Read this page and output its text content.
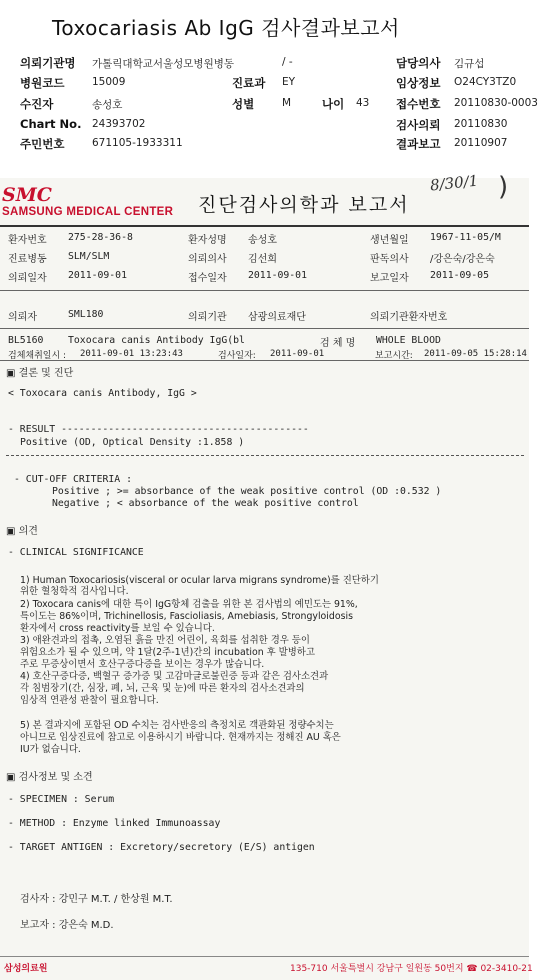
Toxocariasis Ab IgG 검사결과보고서
의뢰기관명 가톨릭대학교서울성모병원병동	/ -	담당의사 김규섭
병원코드	15009	진료과 EY	임상정보 O24CY3TZ0
수진자	송성호	성별	M	나이 43 접수번호 20110830-0003
Chart No. 24393702	검사의뢰 20110830
주민번호	671105-1933311	결과보고 20110907
SMC
SAMSUNG MEDICAL CENTER 진단검사의학과 보고서
8/30/1 )
환자번호 275-28-36-8	환자성명 송성호	생년월일 1967-11-05/M
진료병동 SLM/SLM	의뢰의사 김선희	판독의사 /강은숙/강은숙
의뢰일자 2011-09-01	접수일자 2011-09-01	보고일자 2011-09-05
의뢰자	SML180	의뢰기관 삼광의료재단	의뢰기관환자번호
BL5160	Toxocara canis Antibody IgG(bl	검 체 명 WHOLE BLOOD
검체채취일시 : 2011-09-01 13:23:43	검사일자: 2011-09-01	보고시간: 2011-09-05 15:28:14
▣ 결론 및 진단
< Toxocara canis Antibody, IgG >
- RESULT ------------------------------------------
Positive (OD, Optical Density :1.858 )
- CUT-OFF CRITERIA :
Positive ; >= absorbance of the weak positive control (OD :0.532 )
Negative ; < absorbance of the weak positive control
▣ 의견
- CLINICAL SIGNIFICANCE
1) Human Toxocariosis(visceral or ocular larva migrans syndrome)를 진단하기
위한 혈청학적 검사입니다.
2) Toxocara canis에 대한 특이 IgG항체 검출을 위한 본 검사법의 예민도는 91%,
특이도는 86%이며, Trichinellosis, Fascioliasis, Amebiasis, Strongyloidosis
환자에서 cross reactivity를 보일 수 있습니다.
3) 애완견과의 접촉, 오염된 흙을 만진 어린이, 육회를 섭취한 경우 등이
위험요소가 될 수 있으며, 약 1달(2주-1년)간의 incubation 후 발병하고
주로 무증상이면서 호산구증다증을 보이는 경우가 많습니다.
4) 호산구증다증, 백혈구 증가증 및 고감마글로불린증 등과 같은 검사소견과
각 침범장기(간, 심장, 폐, 뇌, 근육 및 눈)에 따른 환자의 검사소견과의
임상적 연관성 판찰이 필요합니다.
5) 본 결과지에 포함된 OD 수치는 검사반응의 측정치로 객관화된 정량수치는
아니므로 임상진료에 참고로 이용하시기 바랍니다. 현재까지는 정해진 AU 혹은
IU가 없습니다.
▣ 검사정보 및 소견
- SPECIMEN : Serum
- METHOD : Enzyme linked Immunoassay
- TARGET ANTIGEN : Excretory/secretory (E/S) antigen
검사자 : 강민구 M.T. / 한상원 M.T.
보고자 : 강은숙 M.D.
삼성의료원	135-710 서울특별시 강남구 일원동 50번지 ☎ 02-3410-21
